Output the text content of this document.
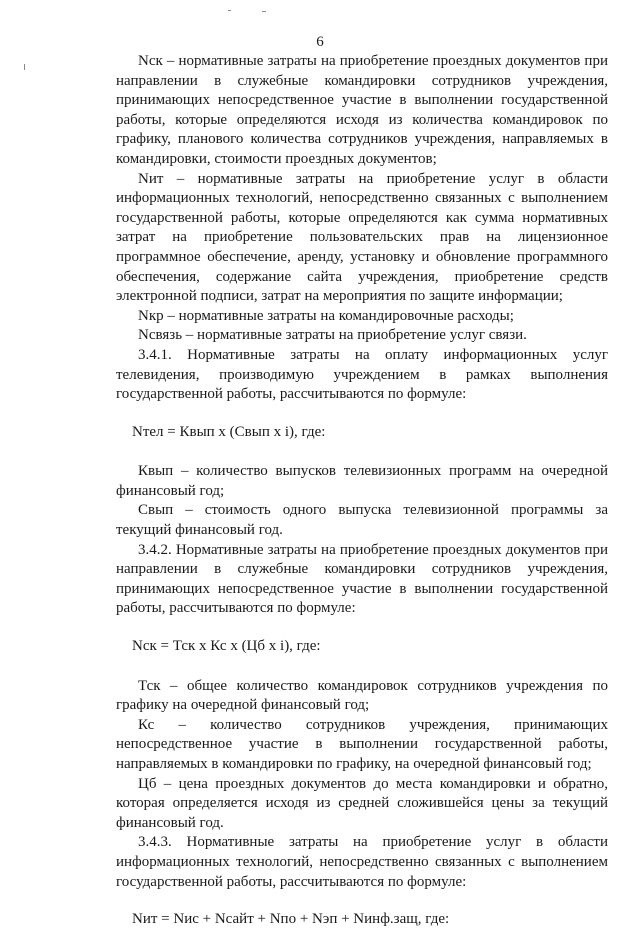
6

Nск – нормативные затраты на приобретение проездных документов при направлении в служебные командировки сотрудников учреждения, принимающих непосредственное участие в выполнении государственной работы, которые определяются исходя из количества командировок по графику, планового количества сотрудников учреждения, направляемых в командировки, стоимости проездных документов;

Nит – нормативные затраты на приобретение услуг в области информационных технологий, непосредственно связанных с выполнением государственной работы, которые определяются как сумма нормативных затрат на приобретение пользовательских прав на лицензионное программное обеспечение, аренду, установку и обновление программного обеспечения, содержание сайта учреждения, приобретение средств электронной подписи, затрат на мероприятия по защите информации;

Nкр – нормативные затраты на командировочные расходы;

Nсвязь – нормативные затраты на приобретение услуг связи.

3.4.1. Нормативные затраты на оплату информационных услуг телевидения, производимую учреждением в рамках выполнения государственной работы, рассчитываются по формуле:

Nтел = Квып х (Свып х i), где:

Квып – количество выпусков телевизионных программ на очередной финансовый год;

Свып – стоимость одного выпуска телевизионной программы за текущий финансовый год.

3.4.2. Нормативные затраты на приобретение проездных документов при направлении в служебные командировки сотрудников учреждения, принимающих непосредственное участие в выполнении государственной работы, рассчитываются по формуле:

Nск = Тск х Кс х (Цб х i), где:

Тск – общее количество командировок сотрудников учреждения по графику на очередной финансовый год;

Кс – количество сотрудников учреждения, принимающих непосредственное участие в выполнении государственной работы, направляемых в командировки по графику, на очередной финансовый год;

Цб – цена проездных документов до места командировки и обратно, которая определяется исходя из средней сложившейся цены за текущий финансовый год.

3.4.3. Нормативные затраты на приобретение услуг в области информационных технологий, непосредственно связанных с выполнением государственной работы, рассчитываются по формуле:

Nит = Nис + Nсайт + Nпо + Nэп + Nинф.защ, где:
